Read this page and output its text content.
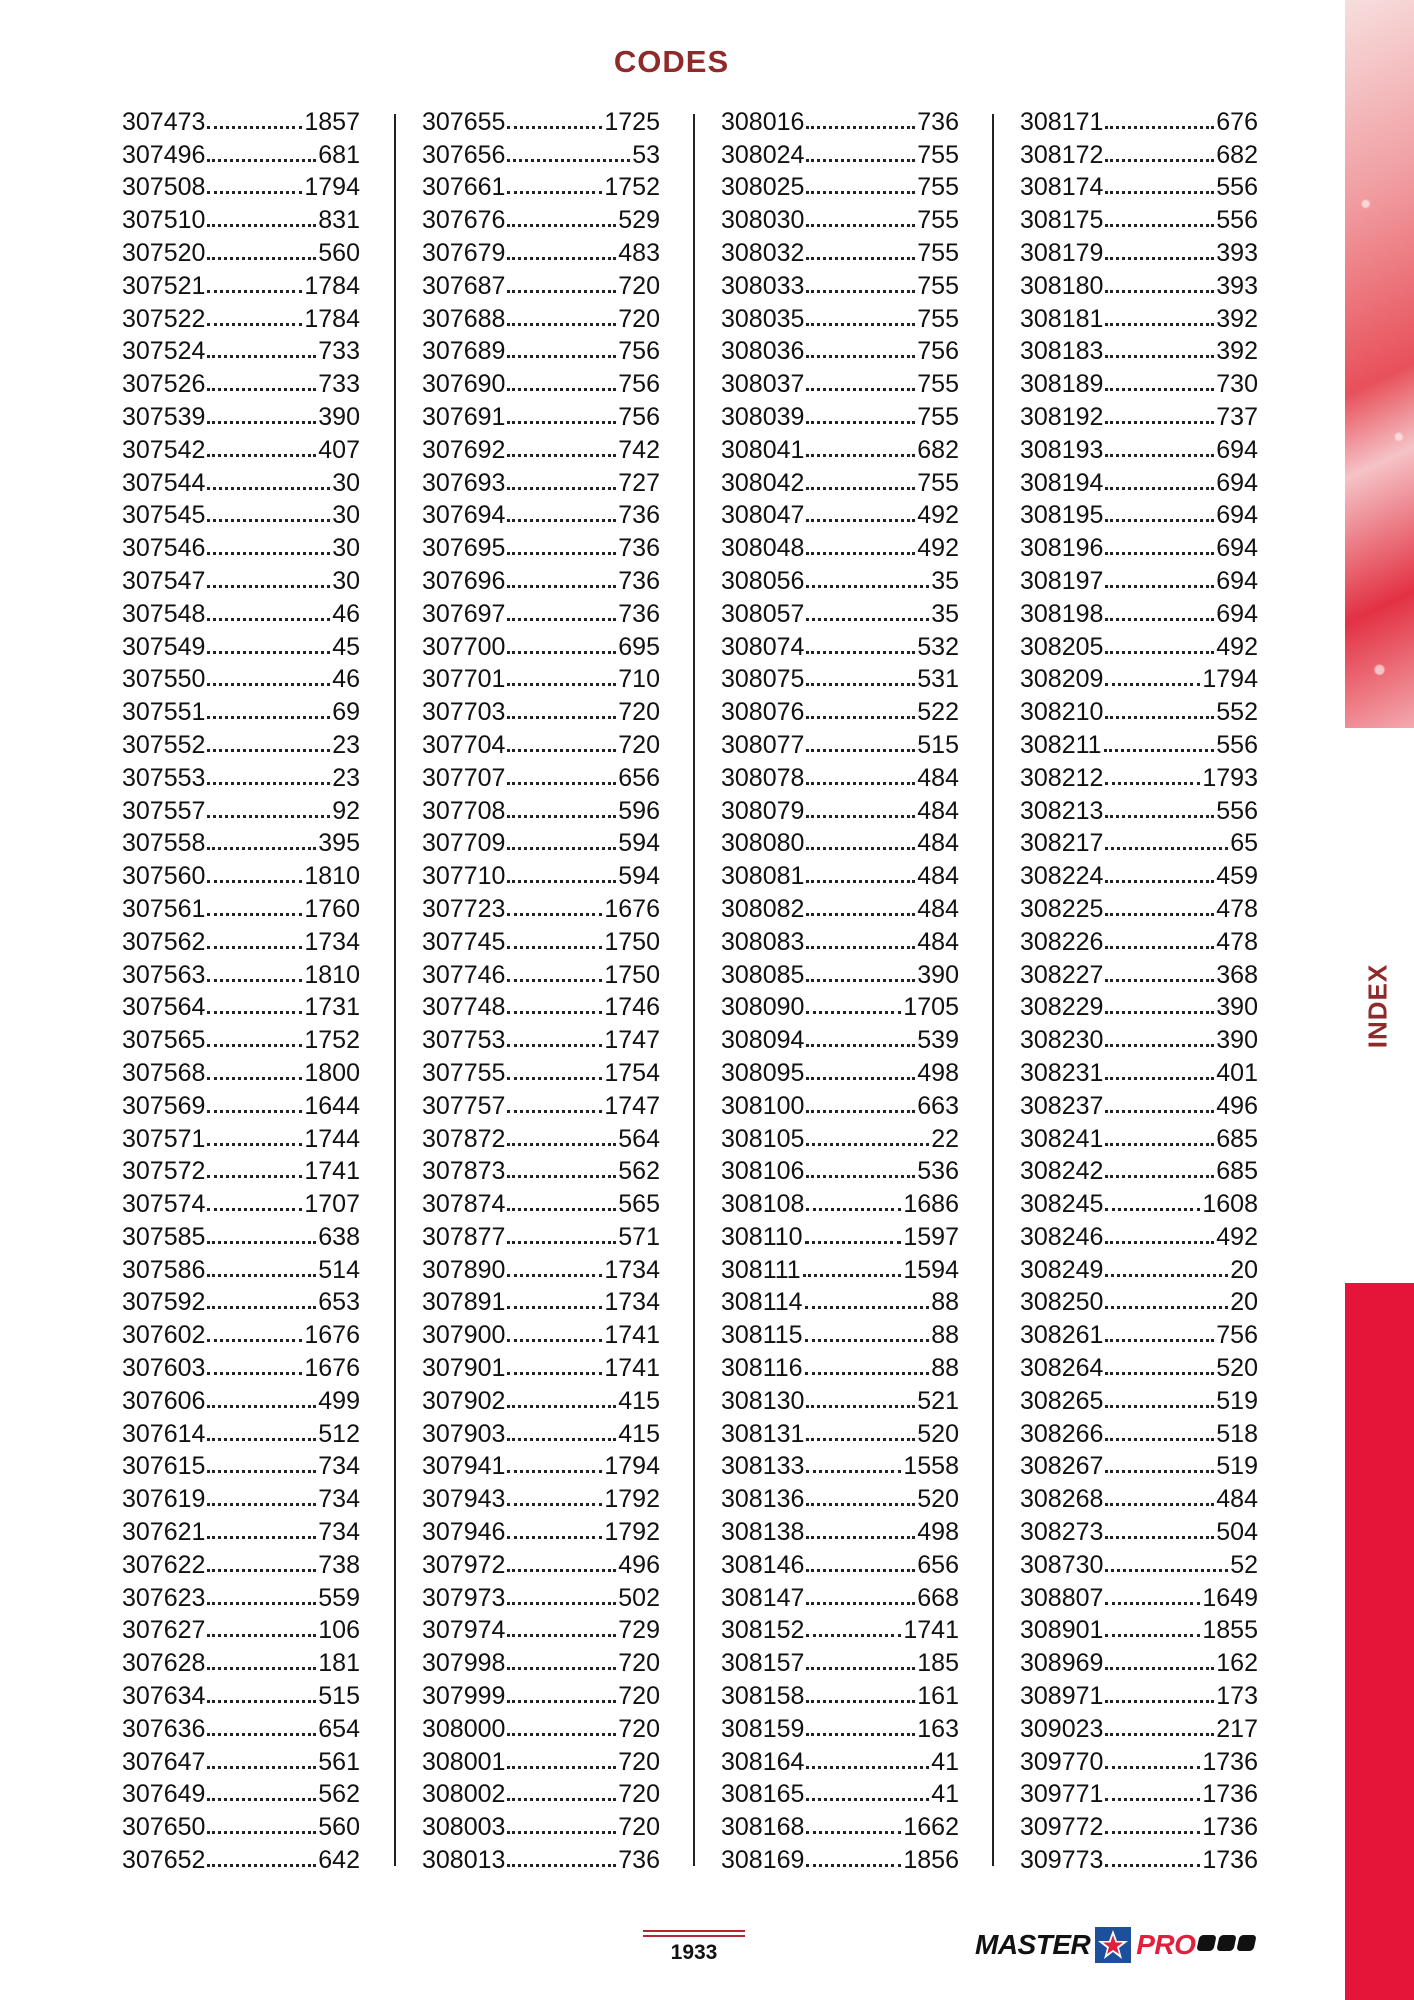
CODES
307473	1857
307496	681
307508	1794
307510	831
307520	560
307521	1784
307522	1784
307524	733
307526	733
307539	390
307542	407
307544	30
307545	30
307546	30
307547	30
307548	46
307549	45
307550	46
307551	69
307552	23
307553	23
307557	92
307558	395
307560	1810
307561	1760
307562	1734
307563	1810
307564	1731
307565	1752
307568	1800
307569	1644
307571	1744
307572	1741
307574	1707
307585	638
307586	514
307592	653
307602	1676
307603	1676
307606	499
307614	512
307615	734
307619	734
307621	734
307622	738
307623	559
307627	106
307628	181
307634	515
307636	654
307647	561
307649	562
307650	560
307652	642
307655	1725
307656	53
307661	1752
307676	529
307679	483
307687	720
307688	720
307689	756
307690	756
307691	756
307692	742
307693	727
307694	736
307695	736
307696	736
307697	736
307700	695
307701	710
307703	720
307704	720
307707	656
307708	596
307709	594
307710	594
307723	1676
307745	1750
307746	1750
307748	1746
307753	1747
307755	1754
307757	1747
307872	564
307873	562
307874	565
307877	571
307890	1734
307891	1734
307900	1741
307901	1741
307902	415
307903	415
307941	1794
307943	1792
307946	1792
307972	496
307973	502
307974	729
307998	720
307999	720
308000	720
308001	720
308002	720
308003	720
308013	736
308016	736
308024	755
308025	755
308030	755
308032	755
308033	755
308035	755
308036	756
308037	755
308039	755
308041	682
308042	755
308047	492
308048	492
308056	35
308057	35
308074	532
308075	531
308076	522
308077	515
308078	484
308079	484
308080	484
308081	484
308082	484
308083	484
308085	390
308090	1705
308094	539
308095	498
308100	663
308105	22
308106	536
308108	1686
308110	1597
308111	1594
308114	88
308115	88
308116	88
308130	521
308131	520
308133	1558
308136	520
308138	498
308146	656
308147	668
308152	1741
308157	185
308158	161
308159	163
308164	41
308165	41
308168	1662
308169	1856
308171	676
308172	682
308174	556
308175	556
308179	393
308180	393
308181	392
308183	392
308189	730
308192	737
308193	694
308194	694
308195	694
308196	694
308197	694
308198	694
308205	492
308209	1794
308210	552
308211	556
308212	1793
308213	556
308217	65
308224	459
308225	478
308226	478
308227	368
308229	390
308230	390
308231	401
308237	496
308241	685
308242	685
308245	1608
308246	492
308249	20
308250	20
308261	756
308264	520
308265	519
308266	518
308267	519
308268	484
308273	504
308730	52
308807	1649
308901	1855
308969	162
308971	173
309023	217
309770	1736
309771	1736
309772	1736
309773	1736
INDEX
1933	MASTER PRO
